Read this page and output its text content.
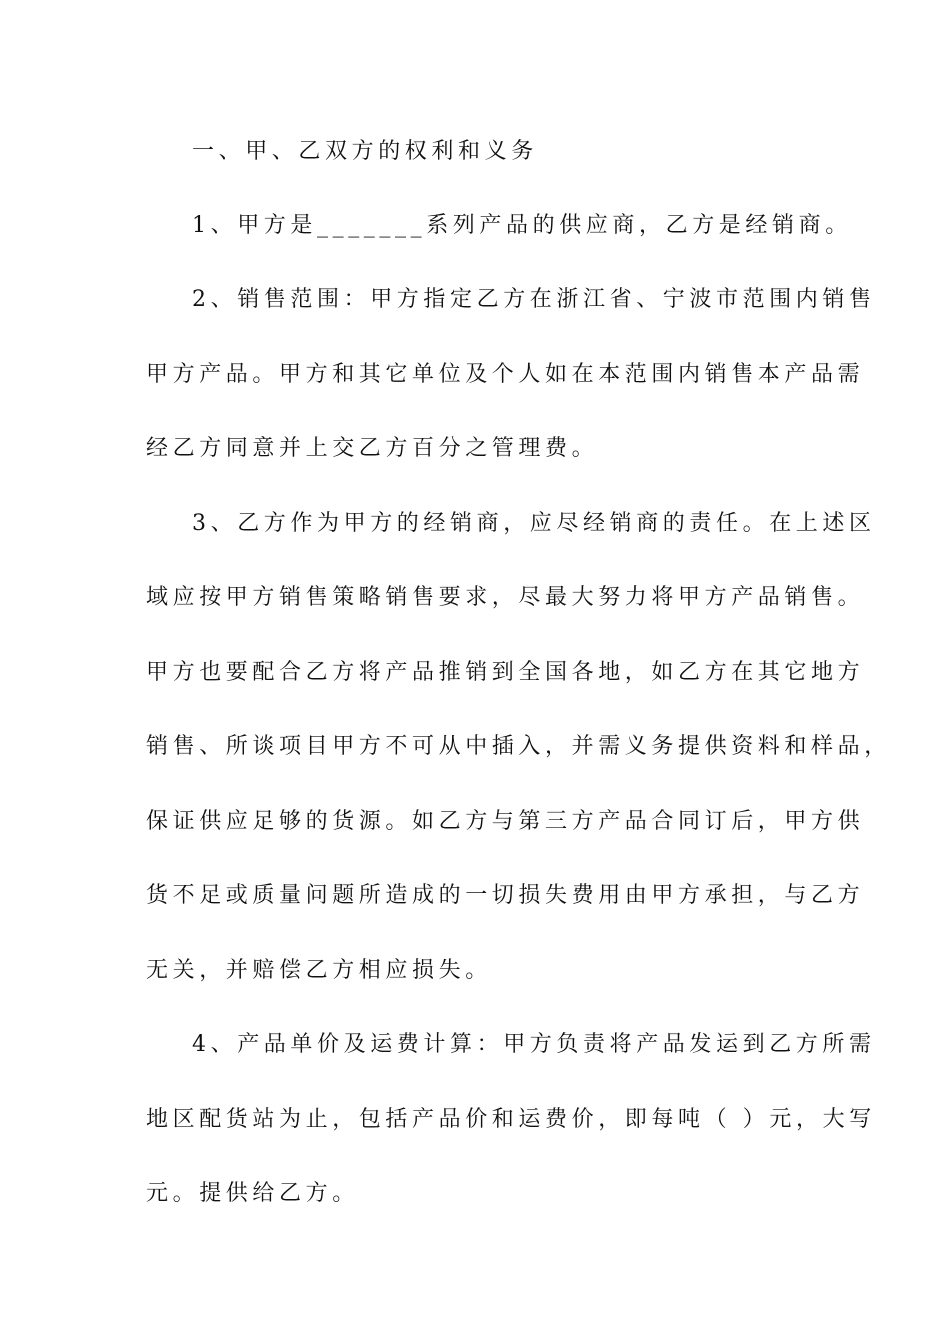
一、甲、乙双方的权利和义务
1、甲方是_______系列产品的供应商，乙方是经销商。
2、销售范围：甲方指定乙方在浙江省、宁波市范围内销售
甲方产品。甲方和其它单位及个人如在本范围内销售本产品需
经乙方同意并上交乙方百分之管理费。
3、乙方作为甲方的经销商，应尽经销商的责任。在上述区
域应按甲方销售策略销售要求，尽最大努力将甲方产品销售。
甲方也要配合乙方将产品推销到全国各地，如乙方在其它地方
销售、所谈项目甲方不可从中插入，并需义务提供资料和样品，
保证供应足够的货源。如乙方与第三方产品合同订后，甲方供
货不足或质量问题所造成的一切损失费用由甲方承担，与乙方
无关，并赔偿乙方相应损失。
4、产品单价及运费计算：甲方负责将产品发运到乙方所需
地区配货站为止，包括产品价和运费价，即每吨（ ）元，大写
元。提供给乙方。
